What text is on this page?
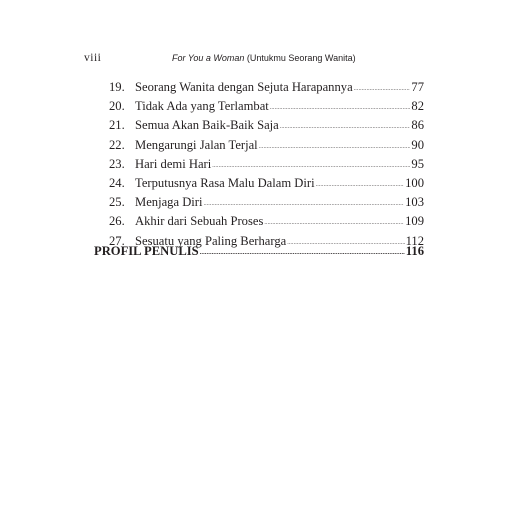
viii	For You a Woman (Untukmu Seorang Wanita)
19. Seorang Wanita dengan Sejuta Harapannya .....	77
20. Tidak Ada yang Terlambat .....	82
21. Semua Akan Baik-Baik Saja .....	86
22. Mengarungi Jalan Terjal .....	90
23. Hari demi Hari .....	95
24. Terputusnya Rasa Malu Dalam Diri .....	100
25. Menjaga Diri .....	103
26. Akhir dari Sebuah Proses .....	109
27. Sesuatu yang Paling Berharga .....	112
PROFIL PENULIS .....	116
